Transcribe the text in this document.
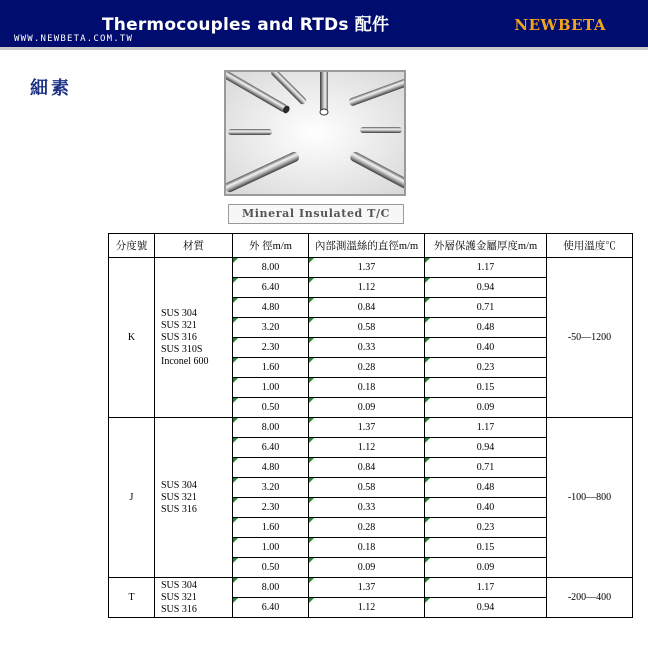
Thermocouples and RTDs 配件
WWW.NEWBETA.COM.TW
NEWBETA
細素
Mineral Insulated T/C
分度號	材質	外 徑m/m	內部測溫絲的直徑m/m	外層保護金屬厚度m/m	使用溫度℃
K	SUS 304
SUS 321
SUS 316
SUS 310S
Inconel 600	8.00	1.37	1.17	-50—1200
		6.40	1.12	0.94	
		4.80	0.84	0.71	
		3.20	0.58	0.48	
		2.30	0.33	0.40	
		1.60	0.28	0.23	
		1.00	0.18	0.15	
		0.50	0.09	0.09	
J	SUS 304
SUS 321
SUS 316	8.00	1.37	1.17	-100—800
		6.40	1.12	0.94	
		4.80	0.84	0.71	
		3.20	0.58	0.48	
		2.30	0.33	0.40	
		1.60	0.28	0.23	
		1.00	0.18	0.15	
		0.50	0.09	0.09	
T	SUS 304
SUS 321
SUS 316	8.00	1.37	1.17	-200—400
		6.40	1.12	0.94	
